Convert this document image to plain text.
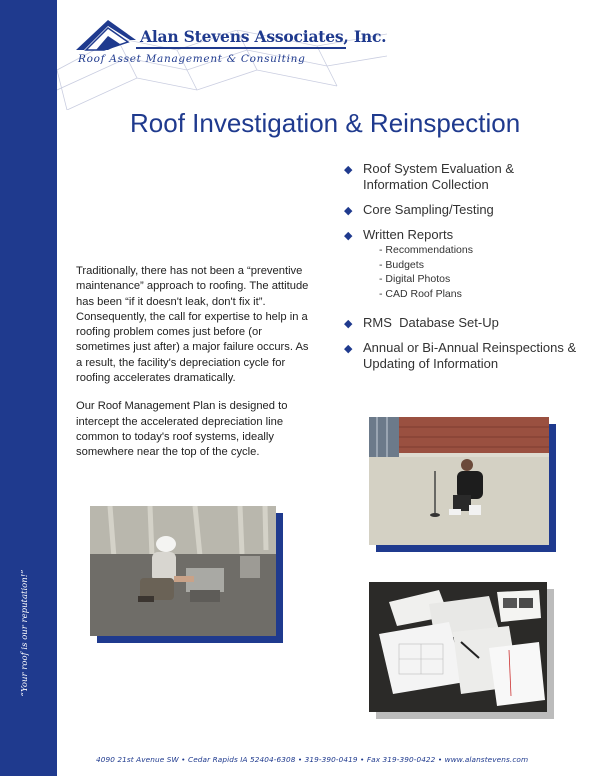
“Your roof is our reputation!”
Alan Stevens Associates, Inc.
Roof Asset Management & Consulting
Roof Investigation & Reinspection
◆ Roof System Evaluation &
Information Collection
◆ Core Sampling/Testing
◆ Written Reports
- Recommendations
- Budgets
- Digital Photos
- CAD Roof Plans
◆ RMS  Database Set-Up
◆ Annual or Bi-Annual Reinspections &
Updating of Information

Traditionally, there has not been a “preventive maintenance” approach to roofing. The attitude has been “if it doesn't leak, don't fix it”. Consequently, the call for expertise to help in a roofing problem comes just before (or sometimes just after) a major failure occurs. As a result, the facility's depreciation cycle for roofing accelerates dramatically.

Our Roof Management Plan is designed to intercept the accelerated depreciation line common to today's roof systems, ideally somewhere near the top of the cycle.

4090 21st Avenue SW • Cedar Rapids IA 52404-6308 • 319-390-0419 • Fax 319-390-0422 • www.alanstevens.com
